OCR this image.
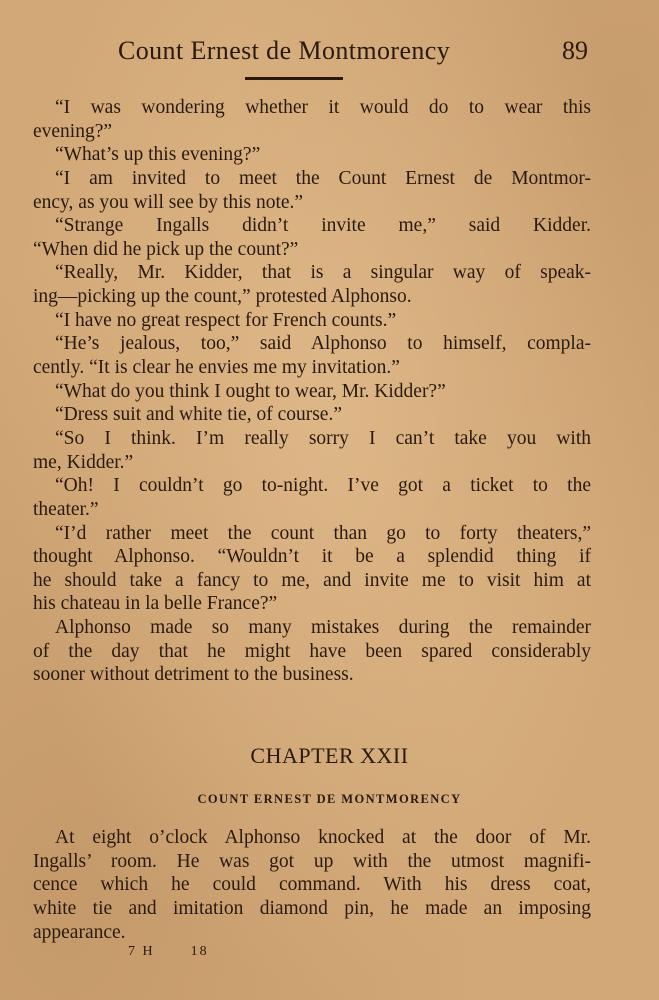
Count Ernest de Montmorency	89
“I was wondering whether it would do to wear this
evening?”
“What’s up this evening?”
“I am invited to meet the Count Ernest de Montmor-
ency, as you will see by this note.”
“Strange Ingalls didn’t invite me,” said Kidder.
“When did he pick up the count?”
“Really, Mr. Kidder, that is a singular way of speak-
ing—picking up the count,” protested Alphonso.
“I have no great respect for French counts.”
“He’s jealous, too,” said Alphonso to himself, compla-
cently. “It is clear he envies me my invitation.”
“What do you think I ought to wear, Mr. Kidder?”
“Dress suit and white tie, of course.”
“So I think. I’m really sorry I can’t take you with
me, Kidder.”
“Oh! I couldn’t go to-night. I’ve got a ticket to the
theater.”
“I’d rather meet the count than go to forty theaters,”
thought Alphonso. “Wouldn’t it be a splendid thing if
he should take a fancy to me, and invite me to visit him at
his chateau in la belle France?”
Alphonso made so many mistakes during the remainder
of the day that he might have been spared considerably
sooner without detriment to the business.
CHAPTER XXII
COUNT ERNEST DE MONTMORENCY
At eight o’clock Alphonso knocked at the door of Mr.
Ingalls’ room. He was got up with the utmost magnifi-
cence which he could command. With his dress coat,
white tie and imitation diamond pin, he made an imposing
appearance.
7 H	18
